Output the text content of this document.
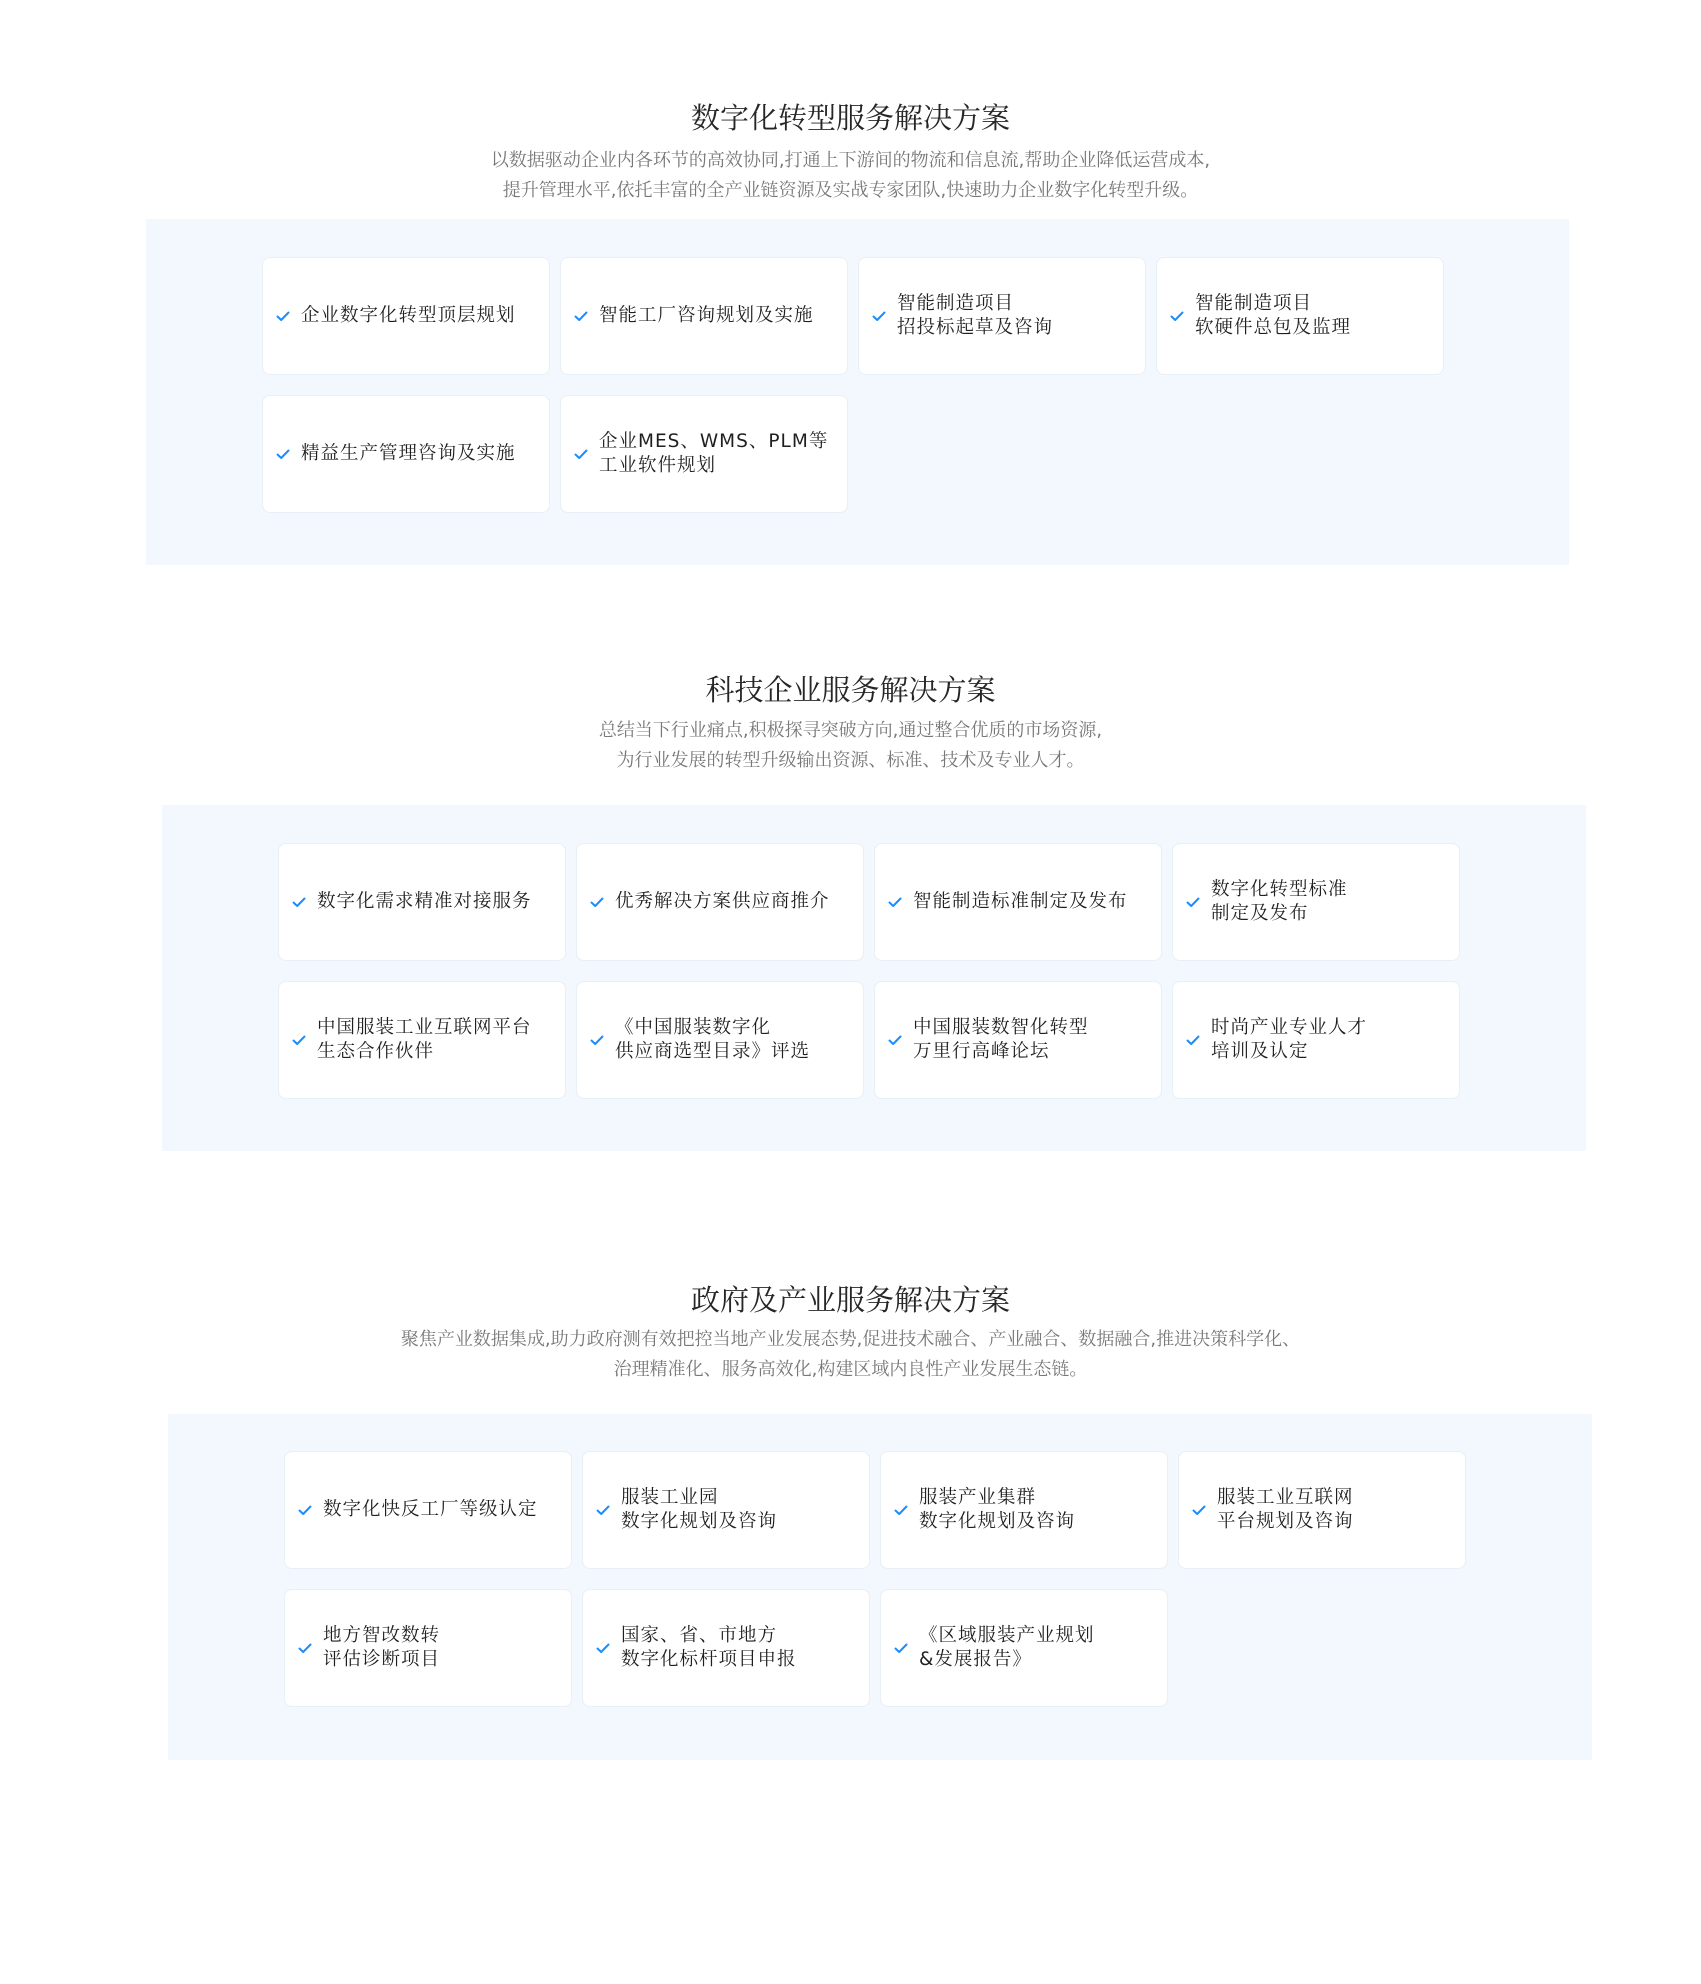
数字化转型服务解决方案
以数据驱动企业内各环节的高效协同,打通上下游间的物流和信息流,帮助企业降低运营成本,
提升管理水平,依托丰富的全产业链资源及实战专家团队,快速助力企业数字化转型升级。
企业数字化转型顶层规划	智能工厂咨询规划及实施
智能制造项目
招投标起草及咨询
智能制造项目
软硬件总包及监理
精益生产管理咨询及实施
企业MES、WMS、PLM等
工业软件规划
科技企业服务解决方案
总结当下行业痛点,积极探寻突破方向,通过整合优质的市场资源,
为行业发展的转型升级输出资源、标准、技术及专业人才。
数字化需求精准对接服务	优秀解决方案供应商推介	智能制造标准制定及发布
数字化转型标准
制定及发布
中国服装工业互联网平台
生态合作伙伴
《中国服装数字化
供应商选型目录》评选
中国服装数智化转型
万里行高峰论坛
时尚产业专业人才
培训及认定
政府及产业服务解决方案
聚焦产业数据集成,助力政府测有效把控当地产业发展态势,促进技术融合、产业融合、数据融合,推进决策科学化、
治理精准化、服务高效化,构建区域内良性产业发展生态链。
数字化快反工厂等级认定
服装工业园
数字化规划及咨询
服装产业集群
数字化规划及咨询
服装工业互联网
平台规划及咨询
地方智改数转
评估诊断项目
国家、省、市地方
数字化标杆项目申报
《区域服装产业规划
&发展报告》
